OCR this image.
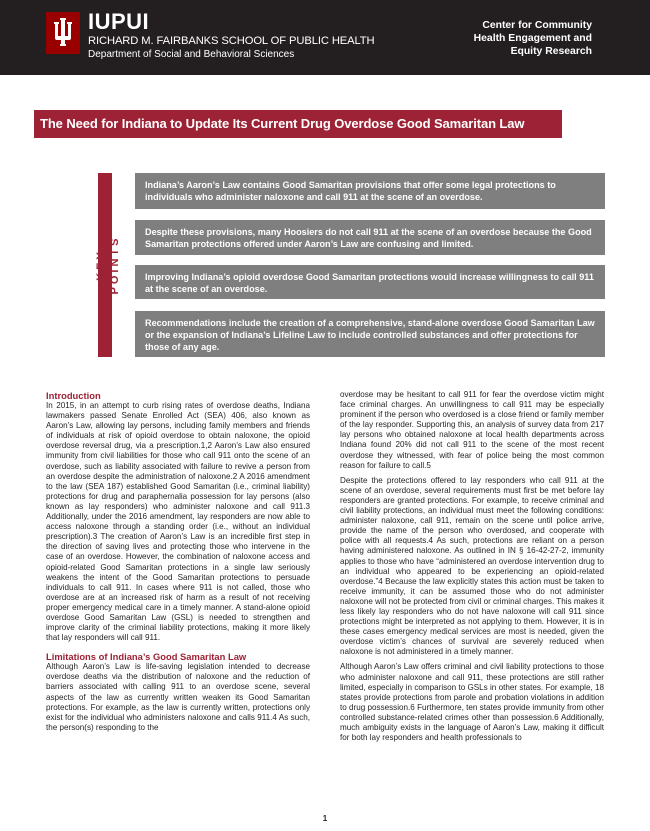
IUPUI
RICHARD M. FAIRBANKS SCHOOL OF PUBLIC HEALTH
Department of Social and Behavioral Sciences
Center for Community
Health Engagement and
Equity Research
The Need for Indiana to Update Its Current Drug Overdose Good Samaritan Law
KEY POINTS
Indiana’s Aaron’s Law contains Good Samaritan provisions that offer some legal protections to individuals who administer naloxone and call 911 at the scene of an overdose.
Despite these provisions, many Hoosiers do not call 911 at the scene of an overdose because the Good Samaritan protections offered under Aaron’s Law are confusing and limited.
Improving Indiana’s opioid overdose Good Samaritan protections would increase willingness to call 911 at the scene of an overdose.
Recommendations include the creation of a comprehensive, stand-alone overdose Good Samaritan Law or the expansion of Indiana’s Lifeline Law to include controlled substances and offer protections for those of any age.
Introduction

In 2015, in an attempt to curb rising rates of overdose deaths, Indiana lawmakers passed Senate Enrolled Act (SEA) 406, also known as Aaron’s Law, allowing lay persons, including family members and friends of individuals at risk of opioid overdose to obtain naloxone, the opioid overdose reversal drug, via a prescription.1,2 Aaron’s Law also ensured immunity from civil liabilities for those who call 911 onto the scene of an overdose, such as liability associated with failure to revive a person from an overdose despite the administration of naloxone.2 A 2016 amendment to the law (SEA 187) established Good Samaritan (i.e., criminal liability) protections for drug and paraphernalia possession for lay persons (also known as lay responders) who administer naloxone and call 911.3 Additionally, under the 2016 amendment, lay responders are now able to access naloxone through a standing order (i.e., without an individual prescription).3 The creation of Aaron’s Law is an incredible first step in the direction of saving lives and protecting those who intervene in the case of an overdose. However, the combination of naloxone access and opioid-related Good Samaritan protections in a single law seriously weakens the intent of the Good Samaritan protections to persuade individuals to call 911. In cases where 911 is not called, those who overdose are at an increased risk of harm as a result of not receiving proper emergency medical care in a timely manner. A stand-alone opioid overdose Good Samaritan Law (GSL) is needed to strengthen and improve clarity of the criminal liability protections, making it more likely that lay responders will call 911.

Limitations of Indiana’s Good Samaritan Law

Although Aaron’s Law is life-saving legislation intended to decrease overdose deaths via the distribution of naloxone and the reduction of barriers associated with calling 911 to an overdose scene, several aspects of the law as currently written weaken its Good Samaritan protections. For example, as the law is currently written, protections only exist for the individual who administers naloxone and calls 911.4 As such, the person(s) responding to the

overdose may be hesitant to call 911 for fear the overdose victim might face criminal charges. An unwillingness to call 911 may be especially prominent if the person who overdosed is a close friend or family member of the lay responder. Supporting this, an analysis of survey data from 217 lay persons who obtained naloxone at local health departments across Indiana found 20% did not call 911 to the scene of the most recent overdose they witnessed, with fear of police being the most common reason for failure to call.5

Despite the protections offered to lay responders who call 911 at the scene of an overdose, several requirements must first be met before lay responders are granted protections. For example, to receive criminal and civil liability protections, an individual must meet the following conditions: administer naloxone, call 911, remain on the scene until police arrive, provide the name of the person who overdosed, and cooperate with police with all requests.4 As such, protections are reliant on a person having administered naloxone. As outlined in IN § 16-42-27-2, immunity applies to those who have “administered an overdose intervention drug to an individual who appeared to be experiencing an opioid-related overdose.”4 Because the law explicitly states this action must be taken to receive immunity, it can be assumed those who do not administer naloxone will not be protected from civil or criminal charges. This makes it less likely lay responders who do not have naloxone will call 911 since protections might be interpreted as not applying to them. However, it is in these cases emergency medical services are most is needed, given the overdose victim’s chances of survival are severely reduced when naloxone is not administered in a timely manner.

Although Aaron’s Law offers criminal and civil liability protections to those who administer naloxone and call 911, these protections are still rather limited, especially in comparison to GSLs in other states. For example, 18 states provide protections from parole and probation violations in addition to drug possession.6 Furthermore, ten states provide immunity from other controlled substance-related crimes other than possession.6 Additionally, much ambiguity exists in the language of Aaron’s Law, making it difficult for both lay responders and health professionals to

1
